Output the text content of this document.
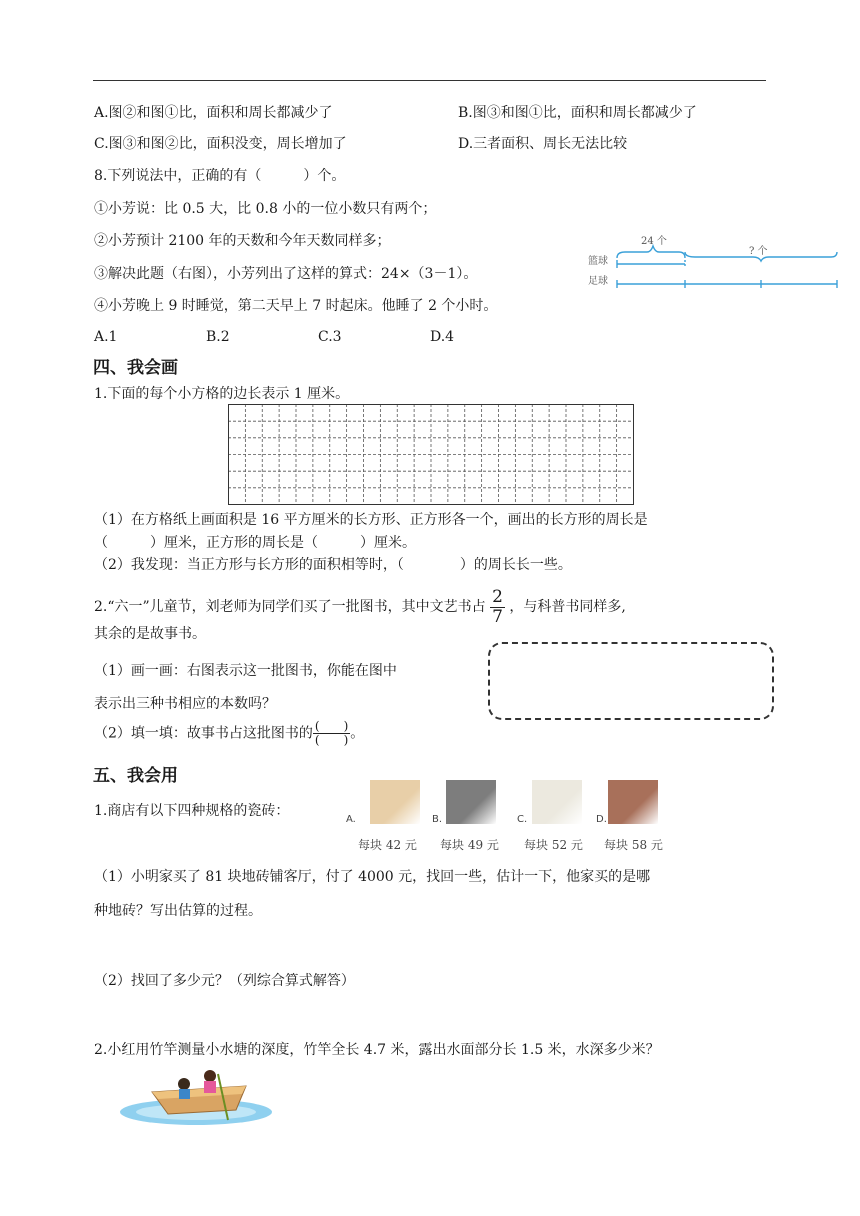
A.图②和图①比，面积和周长都减少了	B.图③和图①比，面积和周长都减少了
C.图③和图②比，面积没变，周长增加了	D.三者面积、周长无法比较
8.下列说法中，正确的有（　　　）个。
①小芳说：比 0.5 大，比 0.8 小的一位小数只有两个；
②小芳预计 2100 年的天数和今年天数同样多；
③解决此题（右图），小芳列出了这样的算式：24×（3－1）。
④小芳晚上 9 时睡觉，第二天早上 7 时起床。他睡了 2 个小时。
篮球
足球
24 个
? 个
A.1	B.2	C.3	D.4
四、我会画
1.下面的每个小方格的边长表示 1 厘米。
（1）在方格纸上画面积是 16 平方厘米的长方形、正方形各一个，画出的长方形的周长是
（　　　）厘米，正方形的周长是（　　　）厘米。
（2）我发现：当正方形与长方形的面积相等时，（　　　　）的周长长一些。
2.“六一”儿童节，刘老师为同学们买了一批图书，其中文艺书占 $\frac{2}{7}$ ，与科普书同样多,
其余的是故事书。
（1）画一画：右图表示这一批图书，你能在图中
表示出三种书相应的本数吗？
（2）填一填：故事书占这批图书的 $\frac{( )}{( )}$ 。
五、我会用
1.商店有以下四种规格的瓷砖：
A.
每块 42 元
B.
每块 49 元
C.
每块 52 元
D.
每块 58 元
（1）小明家买了 81 块地砖铺客厅，付了 4000 元，找回一些，估计一下，他家买的是哪
种地砖？写出估算的过程。
（2）找回了多少元？（列综合算式解答）
2.小红用竹竿测量小水塘的深度，竹竿全长 4.7 米，露出水面部分长 1.5 米，水深多少米？
